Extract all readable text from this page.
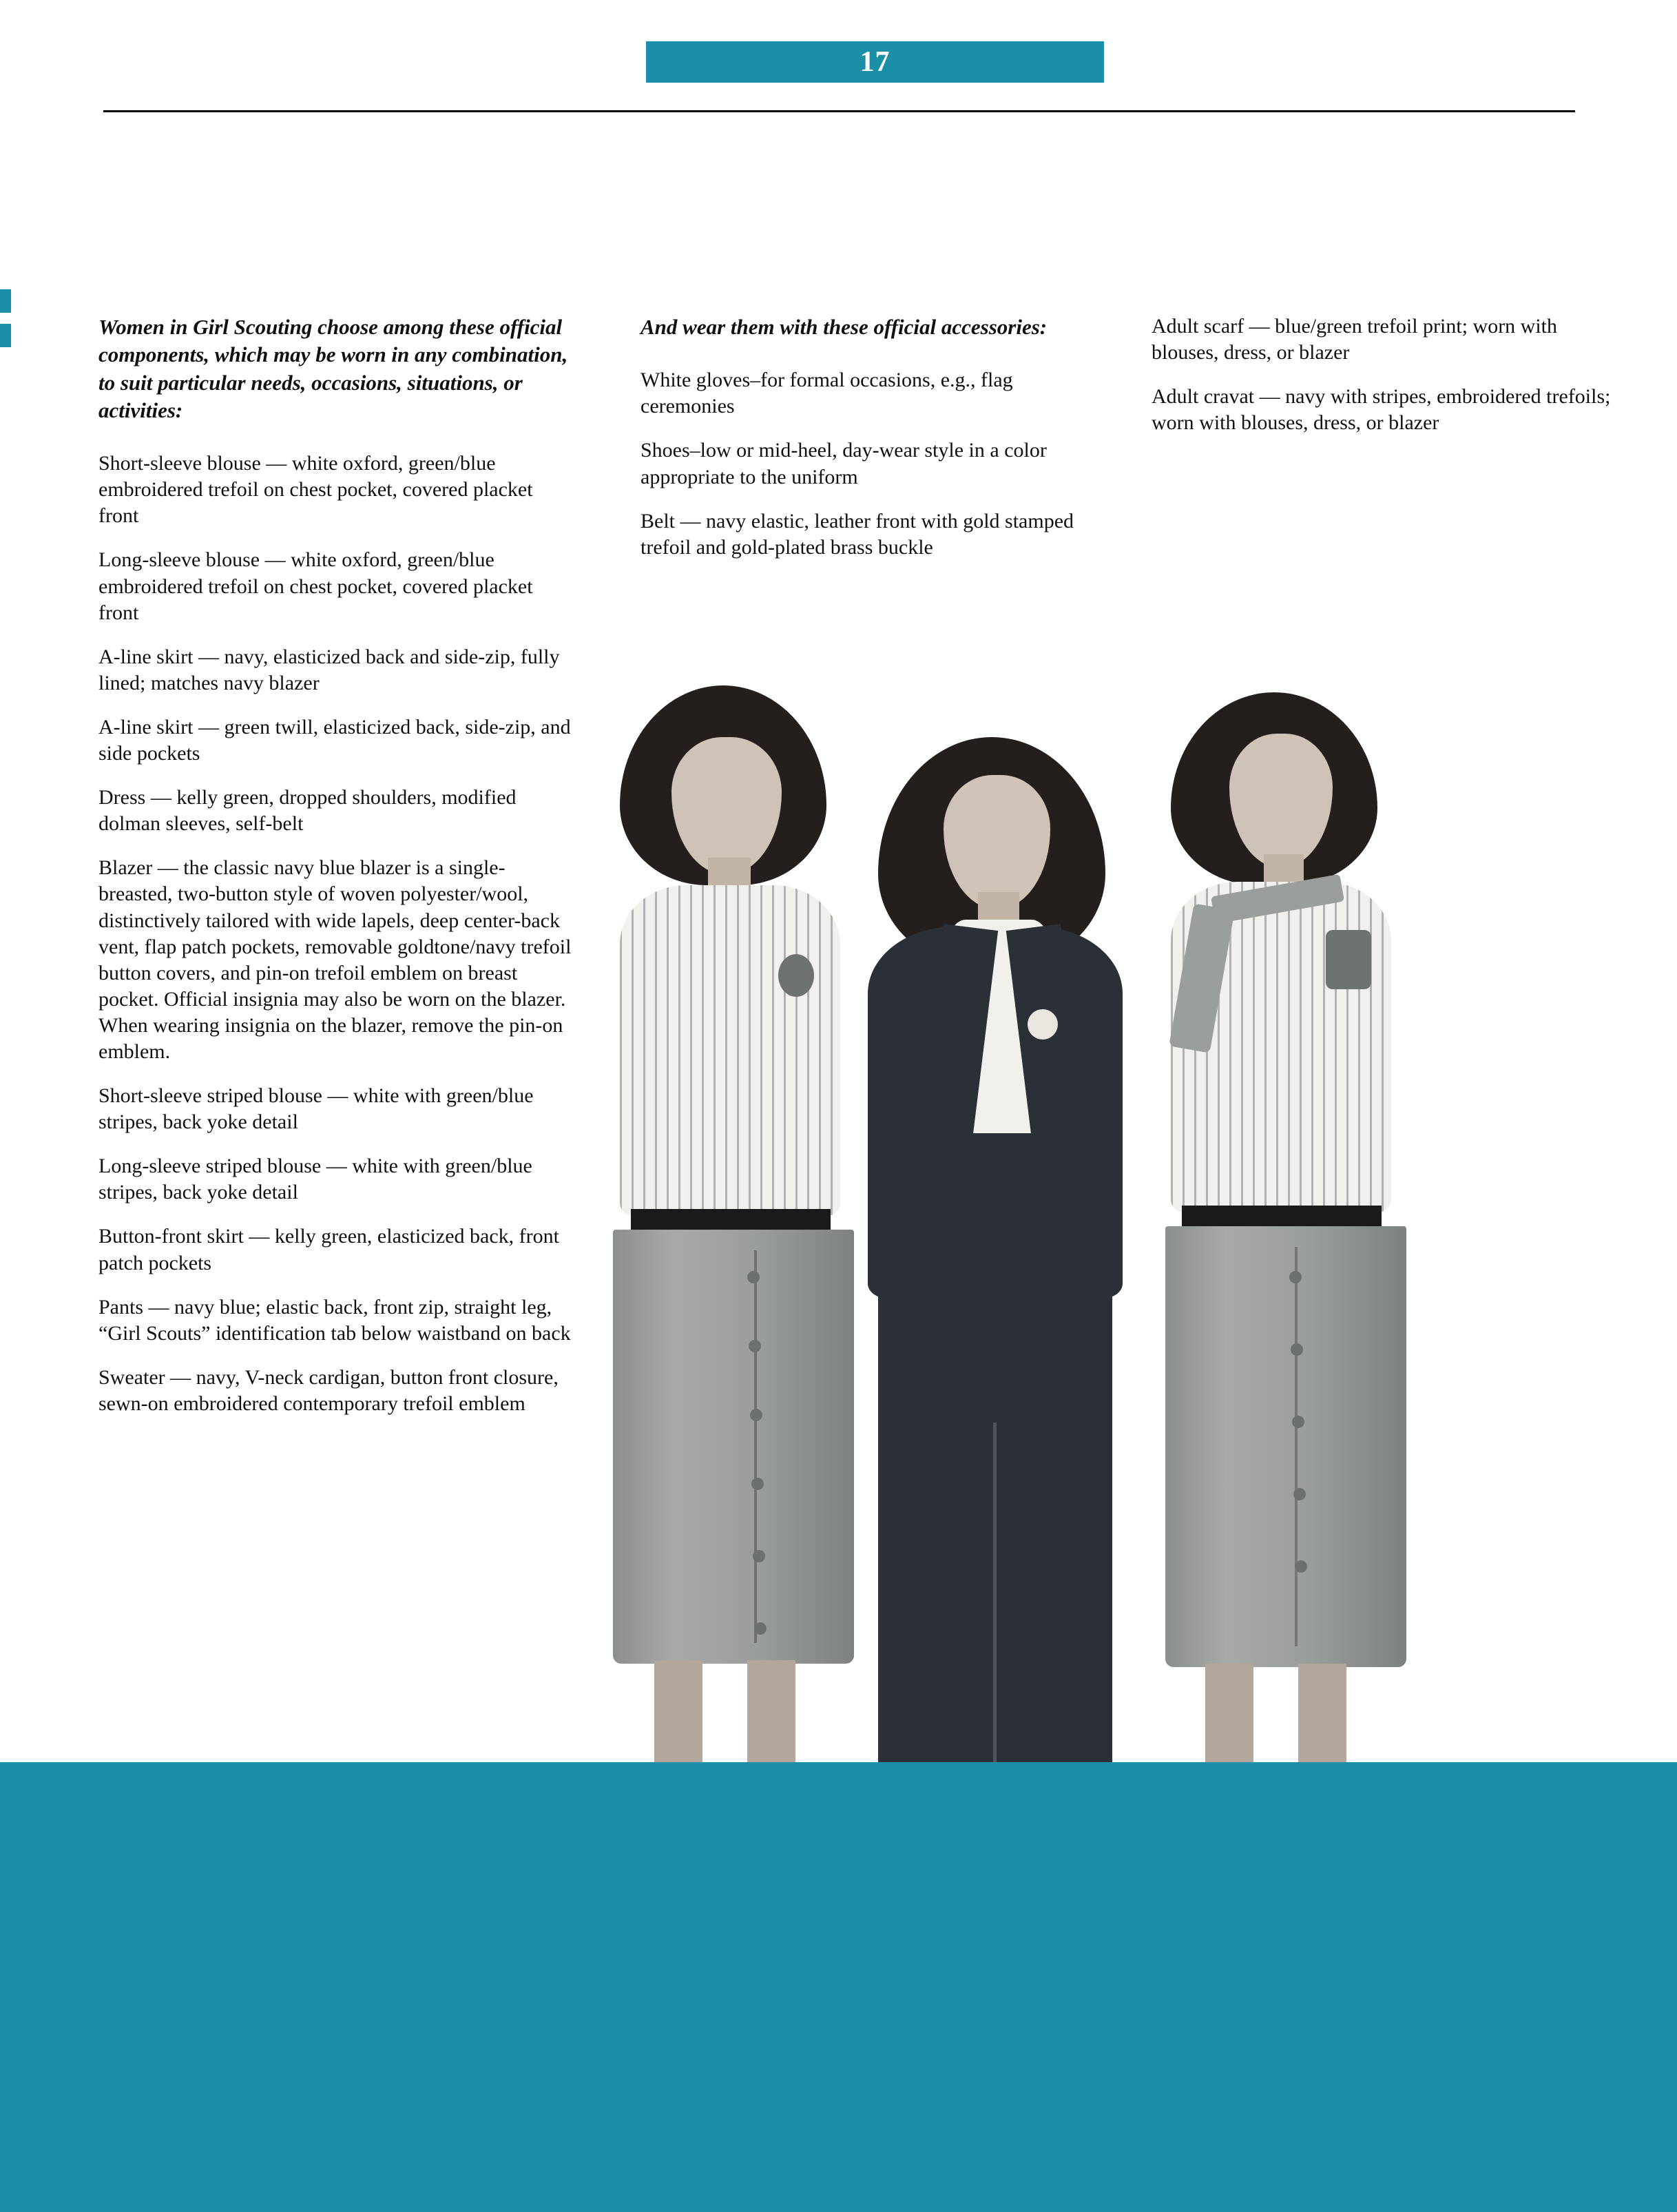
17

Women in Girl Scouting choose among these official components, which may be worn in any combination, to suit particular needs, occasions, situations, or activities:

Short-sleeve blouse — white oxford, green/blue embroidered trefoil on chest pocket, covered placket front

Long-sleeve blouse — white oxford, green/blue embroidered trefoil on chest pocket, covered placket front

A-line skirt — navy, elasticized back and side-zip, fully lined; matches navy blazer

A-line skirt — green twill, elasticized back, side-zip, and side pockets

Dress — kelly green, dropped shoulders, modified dolman sleeves, self-belt

Blazer — the classic navy blue blazer is a single-breasted, two-button style of woven polyester/wool, distinctively tailored with wide lapels, deep center-back vent, flap patch pockets, removable goldtone/navy trefoil button covers, and pin-on trefoil emblem on breast pocket. Official insignia may also be worn on the blazer. When wearing insignia on the blazer, remove the pin-on emblem.

Short-sleeve striped blouse — white with green/blue stripes, back yoke detail

Long-sleeve striped blouse — white with green/blue stripes, back yoke detail

Button-front skirt — kelly green, elasticized back, front patch pockets

Pants — navy blue; elastic back, front zip, straight leg, “Girl Scouts” identification tab below waistband on back

Sweater — navy, V-neck cardigan, button front closure, sewn-on embroidered contemporary trefoil emblem

And wear them with these official accessories:

White gloves–for formal occasions, e.g., flag ceremonies

Shoes–low or mid-heel, day-wear style in a color appropriate to the uniform

Belt — navy elastic, leather front with gold stamped trefoil and gold-plated brass buckle

Adult scarf — blue/green trefoil print; worn with blouses, dress, or blazer

Adult cravat — navy with stripes, embroidered trefoils; worn with blouses, dress, or blazer
